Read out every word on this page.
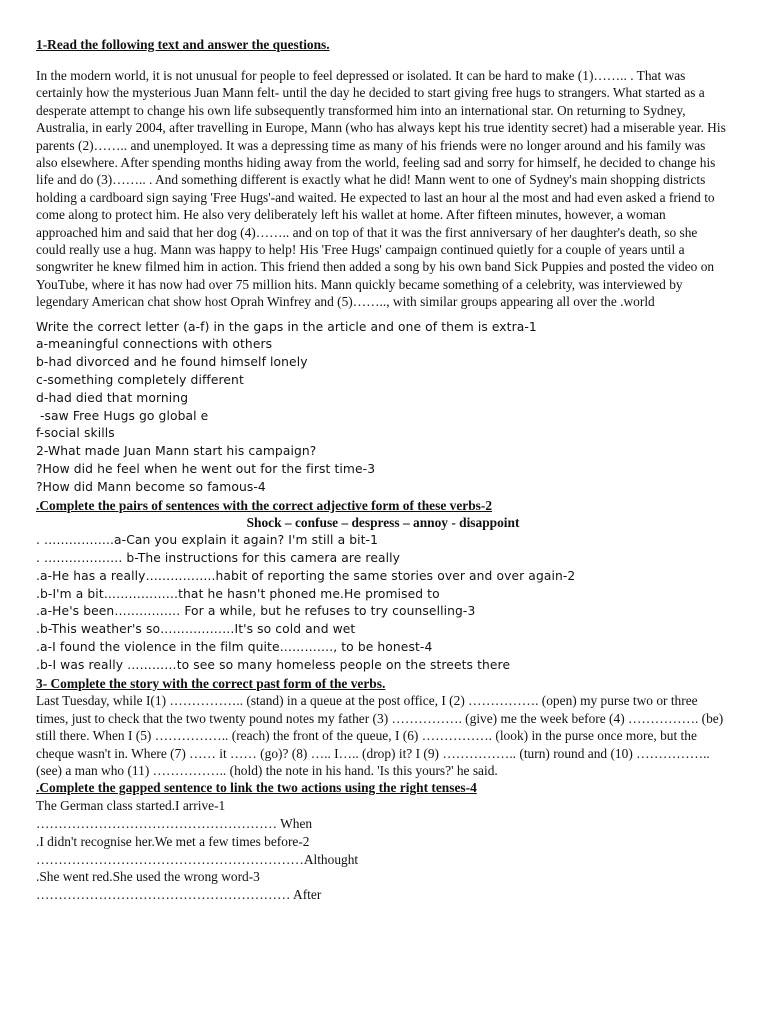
1-Read the following text and answer the questions.
In the modern world, it is not unusual for people to feel depressed or isolated. It can be hard to make (1)…….. . That was certainly how the mysterious Juan Mann felt- until the day he decided to start giving free hugs to strangers. What started as a desperate attempt to change his own life subsequently transformed him into an international star. On returning to Sydney, Australia, in early 2004, after travelling in Europe, Mann (who has always kept his true identity secret) had a miserable year. His parents (2)…….. and unemployed. It was a depressing time as many of his friends were no longer around and his family was also elsewhere. After spending months hiding away from the world, feeling sad and sorry for himself, he decided to change his life and do (3)…….. . And something different is exactly what he did! Mann went to one of Sydney's main shopping districts holding a cardboard sign saying 'Free Hugs'-and waited. He expected to last an hour al the most and had even asked a friend to come along to protect him. He also very deliberately left his wallet at home. After fifteen minutes, however, a woman approached him and said that her dog (4)…….. and on top of that it was the first anniversary of her daughter's death, so she could really use a hug. Mann was happy to help! His 'Free Hugs' campaign continued quietly for a couple of years until a songwriter he knew filmed him in action. This friend then added a song by his own band Sick Puppies and posted the video on YouTube, where it has now had over 75 million hits. Mann quickly became something of a celebrity, was interviewed by legendary American chat show host Oprah Winfrey and (5)…….., with similar groups appearing all over the .world
Write the correct letter (a-f) in the gaps in the article and one of them is extra-1
a-meaningful connections with others
b-had divorced and he found himself lonely
c-something completely different
d-had died that morning
-saw Free Hugs go global e
f-social skills
2-What made Juan Mann start his campaign?
?How did he feel when he went out for the first time-3
?How did Mann become so famous-4
.Complete the pairs of sentences with the correct adjective form of these verbs-2
Shock – confuse – despress – annoy - disappoint
. ……………..a-Can you explain it again? I'm still a bit-1
. ………………. b-The instructions for this camera are really
.a-He has a really……………..habit of reporting the same stories over and over again-2
.b-I'm a bit………………that he hasn't phoned me.He promised to
.a-He's been……………. For a while, but he refuses to try counselling-3
.b-This weather's so………………It's so cold and wet
.a-I found the violence in the film quite…………., to be honest-4
.b-I was really …………to see so many homeless people on the streets there
3- Complete the story with the correct past form of the verbs.
Last Tuesday, while I(1) …………….. (stand) in a queue at the post office, I (2) ……………. (open) my purse two or three times, just to check that the two twenty pound notes my father (3) ……………. (give) me the week before (4) ……………. (be) still there. When I (5) …………….. (reach) the front of the queue, I (6) ……………. (look) in the purse once more, but the cheque wasn't in. Where (7) …… it …… (go)? (8) ….. I….. (drop) it? I (9) …………….. (turn) round and (10) …………….. (see) a man who (11) …………….. (hold) the note in his hand. 'Is this yours?' he said.
.Complete the gapped sentence to link the two actions using the right tenses-4
The German class started.I arrive-1
……………………………………………… When
.I didn't recognise her.We met a few times before-2
……………………………………………………Althought
.She went red.She used the wrong word-3
………………………………………………… After
